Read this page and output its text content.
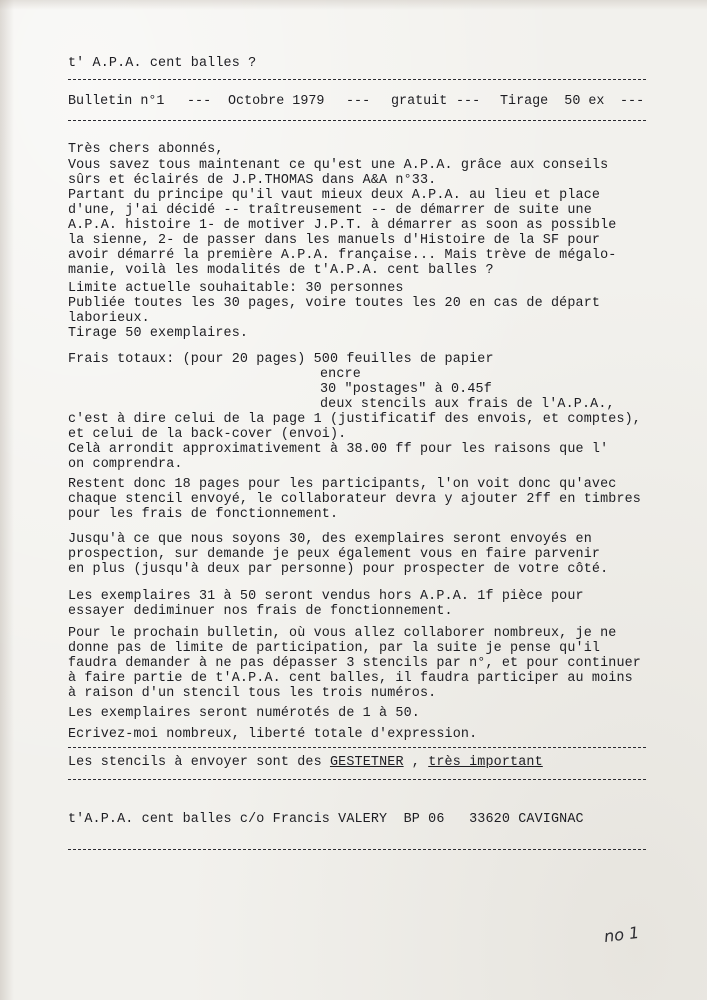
t' A.P.A. cent balles ?
Bulletin n°1 --- Octobre 1979 --- gratuit --- Tirage  50 ex ---
Très chers abonnés,
Vous savez tous maintenant ce qu'est une A.P.A. grâce aux conseils
sûrs et éclairés de J.P.THOMAS dans A&A n°33.
Partant du principe qu'il vaut mieux deux A.P.A. au lieu et place
d'une, j'ai décidé -- traîtreusement -- de démarrer de suite une
A.P.A. histoire 1- de motiver J.P.T. à démarrer as soon as possible
la sienne, 2- de passer dans les manuels d'Histoire de la SF pour
avoir démarré la première A.P.A. française... Mais trève de mégalo-
manie, voilà les modalités de t'A.P.A. cent balles ?
Limite actuelle souhaitable: 30 personnes
Publiée toutes les 30 pages, voire toutes les 20 en cas de départ
laborieux.
Tirage 50 exemplaires.
Frais totaux: (pour 20 pages) 500 feuilles de papier
encre
30 "postages" à 0.45f
deux stencils aux frais de l'A.P.A.,
c'est à dire celui de la page 1 (justificatif des envois, et comptes),
et celui de la back-cover (envoi).
Celà arrondit approximativement à 38.00 ff pour les raisons que l'
on comprendra.
Restent donc 18 pages pour les participants, l'on voit donc qu'avec
chaque stencil envoyé, le collaborateur devra y ajouter 2ff en timbres
pour les frais de fonctionnement.
Jusqu'à ce que nous soyons 30, des exemplaires seront envoyés en
prospection, sur demande je peux également vous en faire parvenir
en plus (jusqu'à deux par personne) pour prospecter de votre côté.
Les exemplaires 31 à 50 seront vendus hors A.P.A. 1f pièce pour
essayer dediminuer nos frais de fonctionnement.
Pour le prochain bulletin, où vous allez collaborer nombreux, je ne
donne pas de limite de participation, par la suite je pense qu'il
faudra demander à ne pas dépasser 3 stencils par n°, et pour continuer
à faire partie de t'A.P.A. cent balles, il faudra participer au moins
à raison d'un stencil tous les trois numéros.
Les exemplaires seront numérotés de 1 à 50.
Ecrivez-moi nombreux, liberté totale d'expression.
Les stencils à envoyer sont des GESTETNER , très important
t'A.P.A. cent balles c/o Francis VALERY  BP 06   33620 CAVIGNAC
no 1
